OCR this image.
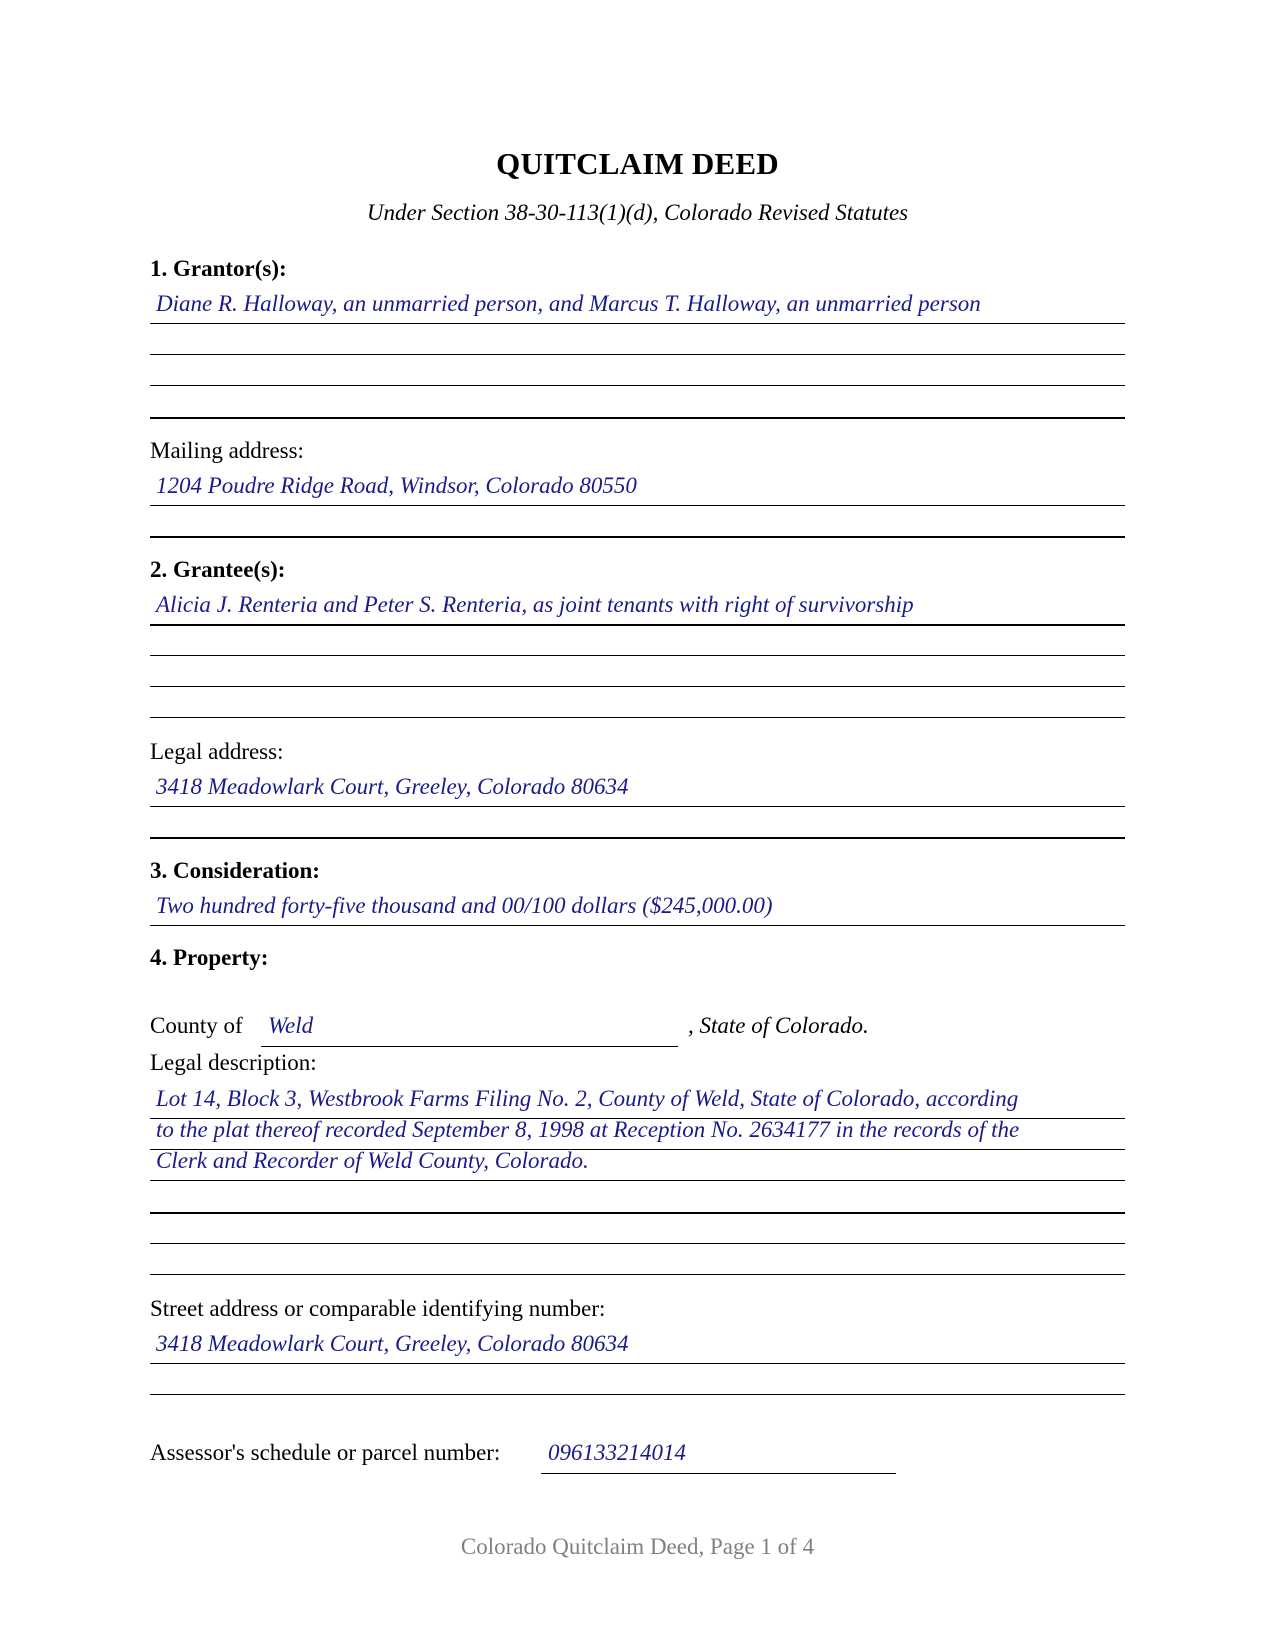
QUITCLAIM DEED
Under Section 38-30-113(1)(d), Colorado Revised Statutes
1. Grantor(s):
Diane R. Halloway, an unmarried person, and Marcus T. Halloway, an unmarried person
Mailing address:
1204 Poudre Ridge Road, Windsor, Colorado 80550
2. Grantee(s):
Alicia J. Renteria and Peter S. Renteria, as joint tenants with right of survivorship
Legal address:
3418 Meadowlark Court, Greeley, Colorado 80634
3. Consideration:
Two hundred forty-five thousand and 00/100 dollars ($245,000.00)
4. Property:
County of Weld	, State of Colorado.
Legal description:
Lot 14, Block 3, Westbrook Farms Filing No. 2, County of Weld, State of Colorado, according
to the plat thereof recorded September 8, 1998 at Reception No. 2634177 in the records of the
Clerk and Recorder of Weld County, Colorado.
Street address or comparable identifying number:
3418 Meadowlark Court, Greeley, Colorado 80634
Assessor's schedule or parcel number: 096133214014
Colorado Quitclaim Deed, Page 1 of 4
